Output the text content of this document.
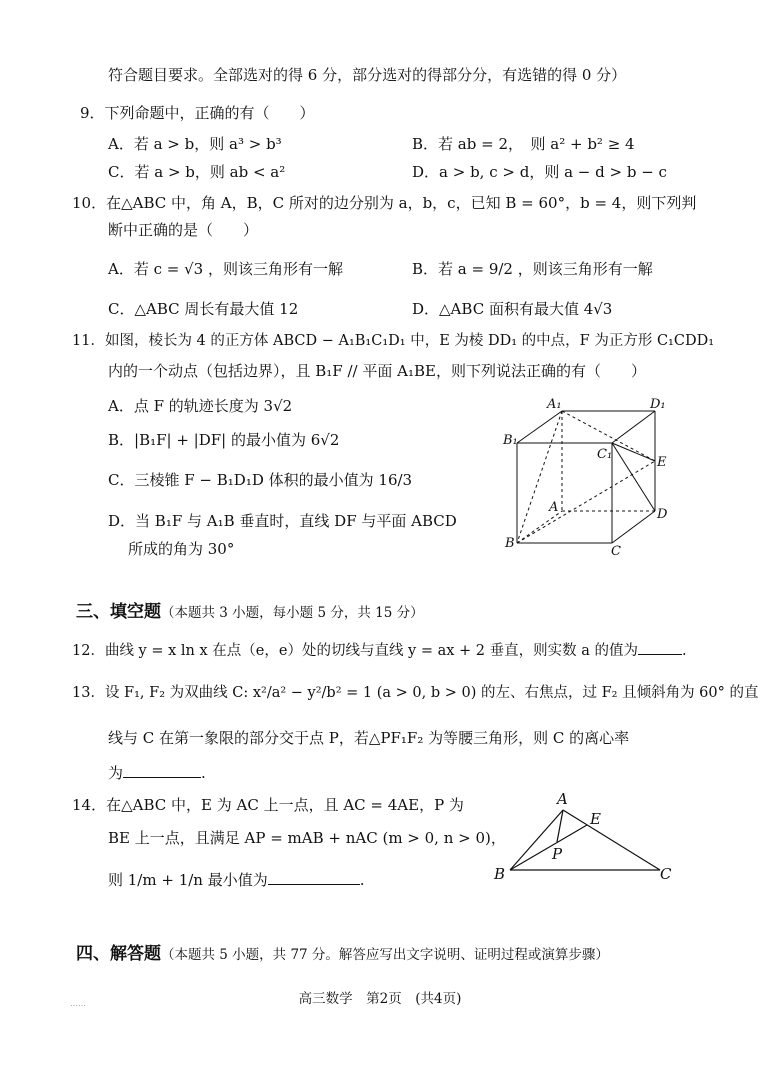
符合题目要求。全部选对的得 6 分，部分选对的得部分分，有选错的得 0 分）
9．下列命题中，正确的有（　　）
A．若 a > b，则 a³ > b³	B．若 ab = 2，　则 a² + b² ≥ 4
C．若 a > b，则 ab < a²	D．a > b, c > d，则 a − d > b − c
10．在△ABC 中，角 A，B，C 所对的边分别为 a，b，c，已知 B = 60°，b = 4，则下列判
断中正确的是（　　）
A．若 c = √3 ，则该三角形有一解	B．若 a = 9/2 ，则该三角形有一解
C．△ABC 周长有最大值 12	D．△ABC 面积有最大值 4√3
11．如图，棱长为 4 的正方体 ABCD − A₁B₁C₁D₁ 中，E 为棱 DD₁ 的中点，F 为正方形 C₁CDD₁
内的一个动点（包括边界），且 B₁F // 平面 A₁BE，则下列说法正确的有（　　）
A．点 F 的轨迹长度为 3√2
B．|B₁F| + |DF| 的最小值为 6√2
C．三棱锥 F − B₁D₁D 体积的最小值为 16/3
D．当 B₁F 与 A₁B 垂直时，直线 DF 与平面 ABCD
所成的角为 30°
A₁	D₁
B₁
C₁
E
A	D
B
C
三、填空题（本题共 3 小题，每小题 5 分，共 15 分）
12．曲线 y = x ln x 在点（e，e）处的切线与直线 y = ax + 2 垂直，则实数 a 的值为	.
13．设 F₁, F₂ 为双曲线 C: x²/a² − y²/b² = 1 (a > 0, b > 0) 的左、右焦点，过 F₂ 且倾斜角为 60° 的直
线与 C 在第一象限的部分交于点 P，若△PF₁F₂ 为等腰三角形，则 C 的离心率
为	.
14．在△ABC 中，E 为 AC 上一点，且 AC = 4AE，P 为
BE 上一点，且满足 AP = mAB + nAC (m > 0, n > 0)，
则 1/m + 1/n 最小值为	.
A
E
P
B	C
四、解答题（本题共 5 小题，共 77 分。解答应写出文字说明、证明过程或演算步骤）
……	高三数学　第2页　(共4页)
